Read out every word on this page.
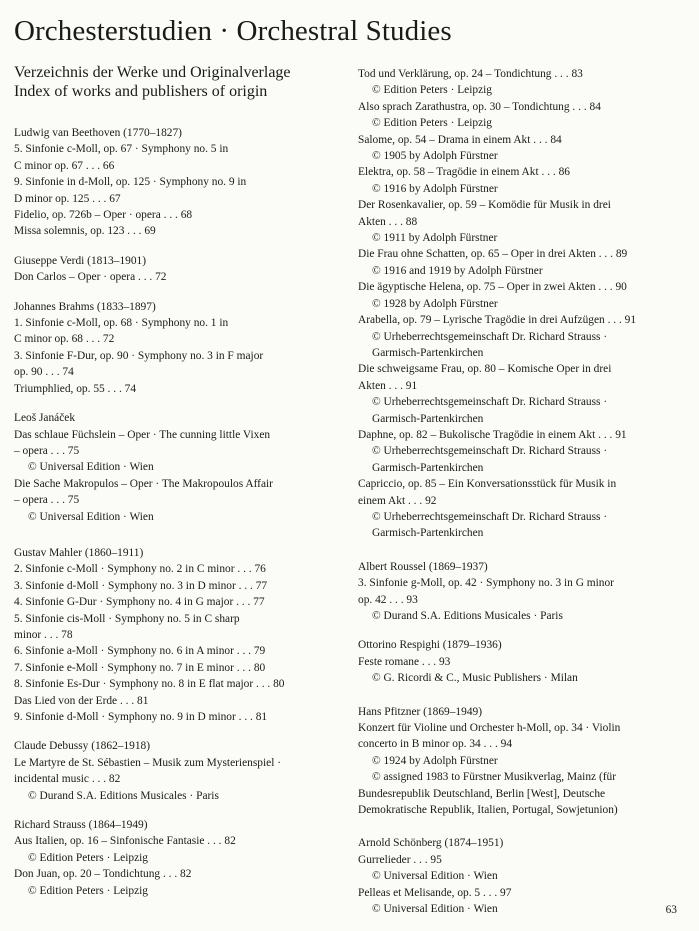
Orchesterstudien · Orchestral Studies
Verzeichnis der Werke und Originalverlage
Index of works and publishers of origin
Ludwig van Beethoven (1770–1827)
5. Sinfonie c-Moll, op. 67 · Symphony no. 5 in
C minor op. 67 . . . 66
9. Sinfonie in d-Moll, op. 125 · Symphony no. 9 in
D minor op. 125 . . . 67
Fidelio, op. 726b – Oper · opera . . . 68
Missa solemnis, op. 123 . . . 69
Giuseppe Verdi (1813–1901)
Don Carlos – Oper · opera . . . 72
Johannes Brahms (1833–1897)
1. Sinfonie c-Moll, op. 68 · Symphony no. 1 in
C minor op. 68 . . . 72
3. Sinfonie F-Dur, op. 90 · Symphony no. 3 in F major
op. 90 . . . 74
Triumphlied, op. 55 . . . 74
Leoš Janáček
Das schlaue Füchslein – Oper · The cunning little Vixen
– opera . . . 75
© Universal Edition · Wien
Die Sache Makropulos – Oper · The Makropoulos Affair
– opera . . . 75
© Universal Edition · Wien
Gustav Mahler (1860–1911)
2. Sinfonie c-Moll · Symphony no. 2 in C minor . . . 76
3. Sinfonie d-Moll · Symphony no. 3 in D minor . . . 77
4. Sinfonie G-Dur · Symphony no. 4 in G major . . . 77
5. Sinfonie cis-Moll · Symphony no. 5 in C sharp
minor . . . 78
6. Sinfonie a-Moll · Symphony no. 6 in A minor . . . 79
7. Sinfonie e-Moll · Symphony no. 7 in E minor . . . 80
8. Sinfonie Es-Dur · Symphony no. 8 in E flat major . . . 80
Das Lied von der Erde . . . 81
9. Sinfonie d-Moll · Symphony no. 9 in D minor . . . 81
Claude Debussy (1862–1918)
Le Martyre de St. Sébastien – Musik zum Mysterienspiel ·
incidental music . . . 82
© Durand S.A. Editions Musicales · Paris
Richard Strauss (1864–1949)
Aus Italien, op. 16 – Sinfonische Fantasie . . . 82
© Edition Peters · Leipzig
Don Juan, op. 20 – Tondichtung . . . 82
© Edition Peters · Leipzig
Tod und Verklärung, op. 24 – Tondichtung . . . 83
© Edition Peters · Leipzig
Also sprach Zarathustra, op. 30 – Tondichtung . . . 84
© Edition Peters · Leipzig
Salome, op. 54 – Drama in einem Akt . . . 84
© 1905 by Adolph Fürstner
Elektra, op. 58 – Tragödie in einem Akt . . . 86
© 1916 by Adolph Fürstner
Der Rosenkavalier, op. 59 – Komödie für Musik in drei
Akten . . . 88
© 1911 by Adolph Fürstner
Die Frau ohne Schatten, op. 65 – Oper in drei Akten . . . 89
© 1916 and 1919 by Adolph Fürstner
Die ägyptische Helena, op. 75 – Oper in zwei Akten . . . 90
© 1928 by Adolph Fürstner
Arabella, op. 79 – Lyrische Tragödie in drei Aufzügen . . . 91
© Urheberrechtsgemeinschaft Dr. Richard Strauss ·
Garmisch-Partenkirchen
Die schweigsame Frau, op. 80 – Komische Oper in drei
Akten . . . 91
© Urheberrechtsgemeinschaft Dr. Richard Strauss ·
Garmisch-Partenkirchen
Daphne, op. 82 – Bukolische Tragödie in einem Akt . . . 91
© Urheberrechtsgemeinschaft Dr. Richard Strauss ·
Garmisch-Partenkirchen
Capriccio, op. 85 – Ein Konversationsstück für Musik in
einem Akt . . . 92
© Urheberrechtsgemeinschaft Dr. Richard Strauss ·
Garmisch-Partenkirchen
Albert Roussel (1869–1937)
3. Sinfonie g-Moll, op. 42 · Symphony no. 3 in G minor
op. 42 . . . 93
© Durand S.A. Editions Musicales · Paris
Ottorino Respighi (1879–1936)
Feste romane . . . 93
© G. Ricordi & C., Music Publishers · Milan
Hans Pfitzner (1869–1949)
Konzert für Violine und Orchester h-Moll, op. 34 · Violin
concerto in B minor op. 34 . . . 94
© 1924 by Adolph Fürstner
© assigned 1983 to Fürstner Musikverlag, Mainz (für
Bundesrepublik Deutschland, Berlin [West], Deutsche
Demokratische Republik, Italien, Portugal, Sowjetunion)
Arnold Schönberg (1874–1951)
Gurrelieder . . . 95
© Universal Edition · Wien
Pelleas et Melisande, op. 5 . . . 97
© Universal Edition · Wien	63
